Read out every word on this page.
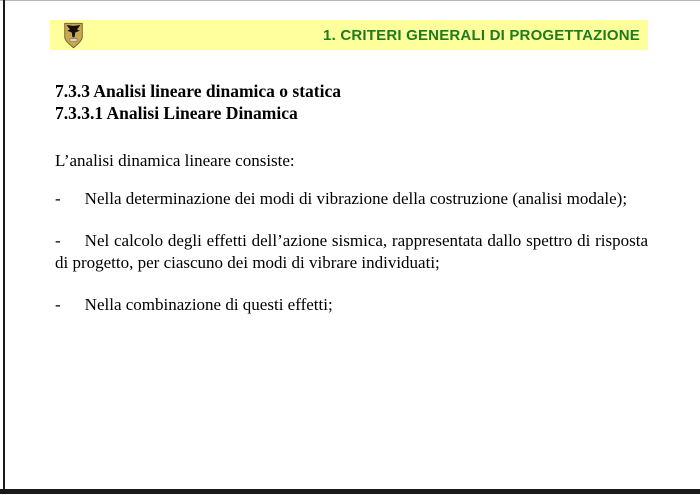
1. CRITERI GENERALI DI PROGETTAZIONE
7.3.3 Analisi lineare dinamica o statica
7.3.3.1 Analisi Lineare Dinamica

L’analisi dinamica lineare consiste:

- Nella determinazione dei modi di vibrazione della costruzione (analisi modale);

- Nel calcolo degli effetti dell’azione sismica, rappresentata dallo spettro di risposta di progetto, per ciascuno dei modi di vibrare individuati;

- Nella combinazione di questi effetti;
